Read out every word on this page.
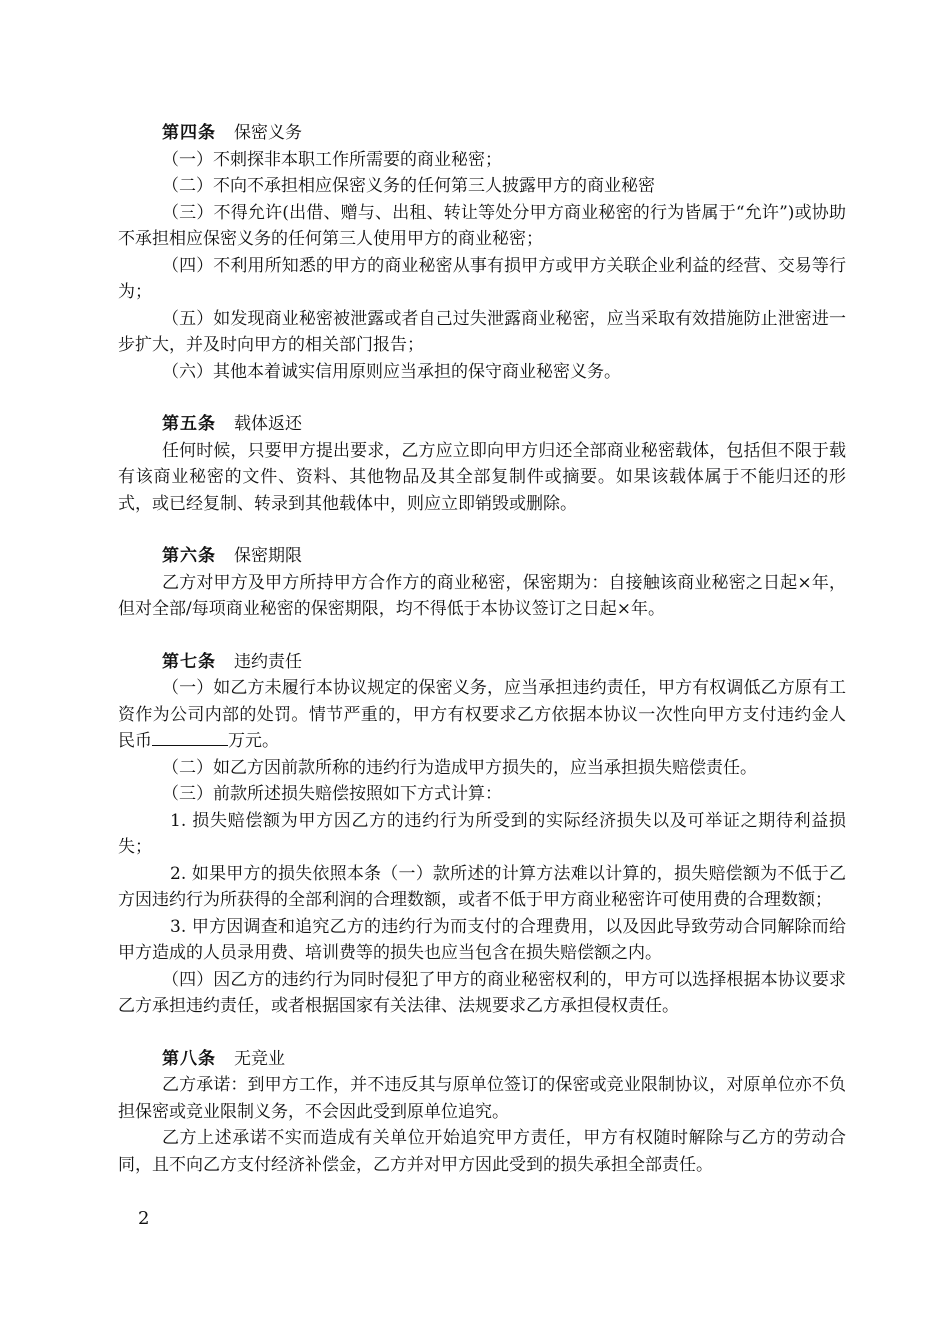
第四条 保密义务
（一）不刺探非本职工作所需要的商业秘密；
（二）不向不承担相应保密义务的任何第三人披露甲方的商业秘密
（三）不得允许(出借、赠与、出租、转让等处分甲方商业秘密的行为皆属于“允许”)或协助不承担相应保密义务的任何第三人使用甲方的商业秘密；
（四）不利用所知悉的甲方的商业秘密从事有损甲方或甲方关联企业利益的经营、交易等行为；
（五）如发现商业秘密被泄露或者自己过失泄露商业秘密，应当采取有效措施防止泄密进一步扩大，并及时向甲方的相关部门报告；
（六）其他本着诚实信用原则应当承担的保守商业秘密义务。
第五条 载体返还
任何时候，只要甲方提出要求，乙方应立即向甲方归还全部商业秘密载体，包括但不限于载有该商业秘密的文件、资料、其他物品及其全部复制件或摘要。如果该载体属于不能归还的形式，或已经复制、转录到其他载体中，则应立即销毁或删除。
第六条 保密期限
乙方对甲方及甲方所持甲方合作方的商业秘密，保密期为：自接触该商业秘密之日起×年，但对全部/每项商业秘密的保密期限，均不得低于本协议签订之日起×年。
第七条 违约责任
（一）如乙方未履行本协议规定的保密义务，应当承担违约责任，甲方有权调低乙方原有工资作为公司内部的处罚。情节严重的，甲方有权要求乙方依据本协议一次性向甲方支付违约金人民币	万元。
（二）如乙方因前款所称的违约行为造成甲方损失的，应当承担损失赔偿责任。
（三）前款所述损失赔偿按照如下方式计算：
1. 损失赔偿额为甲方因乙方的违约行为所受到的实际经济损失以及可举证之期待利益损失；
2. 如果甲方的损失依照本条（一）款所述的计算方法难以计算的，损失赔偿额为不低于乙方因违约行为所获得的全部利润的合理数额，或者不低于甲方商业秘密许可使用费的合理数额；
3. 甲方因调查和追究乙方的违约行为而支付的合理费用，以及因此导致劳动合同解除而给甲方造成的人员录用费、培训费等的损失也应当包含在损失赔偿额之内。
（四）因乙方的违约行为同时侵犯了甲方的商业秘密权利的，甲方可以选择根据本协议要求乙方承担违约责任，或者根据国家有关法律、法规要求乙方承担侵权责任。
第八条 无竞业
乙方承诺：到甲方工作，并不违反其与原单位签订的保密或竞业限制协议，对原单位亦不负担保密或竞业限制义务，不会因此受到原单位追究。
乙方上述承诺不实而造成有关单位开始追究甲方责任，甲方有权随时解除与乙方的劳动合同，且不向乙方支付经济补偿金，乙方并对甲方因此受到的损失承担全部责任。
2
